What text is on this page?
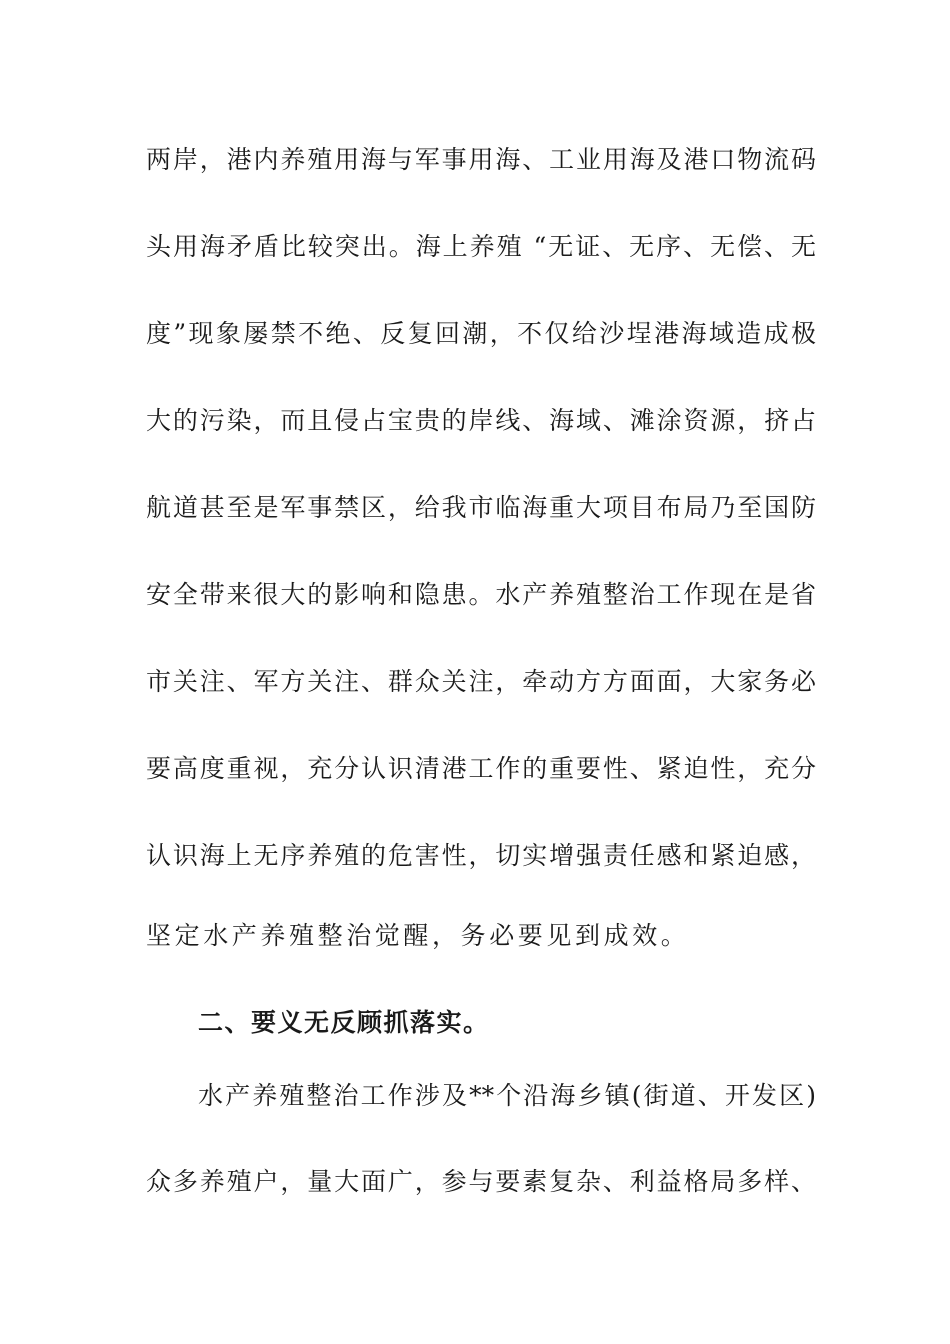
两岸，港内养殖用海与军事用海、工业用海及港口物流码
头用海矛盾比较突出。海上养殖 “无证、无序、无偿、无
度”现象屡禁不绝、反复回潮，不仅给沙埕港海域造成极
大的污染，而且侵占宝贵的岸线、海域、滩涂资源，挤占
航道甚至是军事禁区，给我市临海重大项目布局乃至国防
安全带来很大的影响和隐患。水产养殖整治工作现在是省
市关注、军方关注、群众关注，牵动方方面面，大家务必
要高度重视，充分认识清港工作的重要性、紧迫性，充分
认识海上无序养殖的危害性，切实增强责任感和紧迫感，
坚定水产养殖整治觉醒，务必要见到成效。
二、要义无反顾抓落实。
水产养殖整治工作涉及**个沿海乡镇(街道、开发区)
众多养殖户，量大面广，参与要素复杂、利益格局多样、
